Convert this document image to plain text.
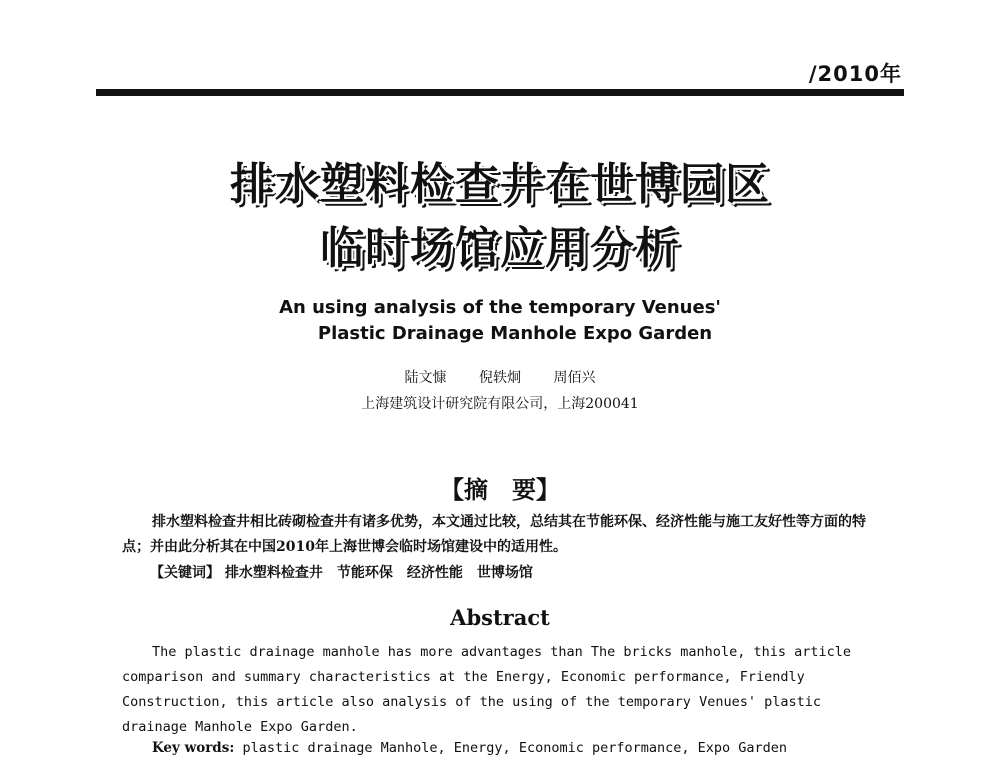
/2010年
排水塑料检查井在世博园区
临时场馆应用分析
An using analysis of the temporary Venues'
Plastic Drainage Manhole Expo Garden
陆文慷 倪轶炯 周佰兴
上海建筑设计研究院有限公司，上海200041
【摘　要】
排水塑料检查井相比砖砌检查井有诸多优势，本文通过比较，总结其在节能环保、经济性能与施工友好性等方面的特点；并由此分析其在中国2010年上海世博会临时场馆建设中的适用性。
【关键词】 排水塑料检查井　节能环保　经济性能　世博场馆
Abstract
The plastic drainage manhole has more advantages than The bricks manhole, this article comparison and summary characteristics at the Energy, Economic performance, Friendly Construction, this article also analysis of the using of the temporary Venues' plastic drainage Manhole Expo Garden.
Key words: plastic drainage Manhole, Energy, Economic performance, Expo Garden
